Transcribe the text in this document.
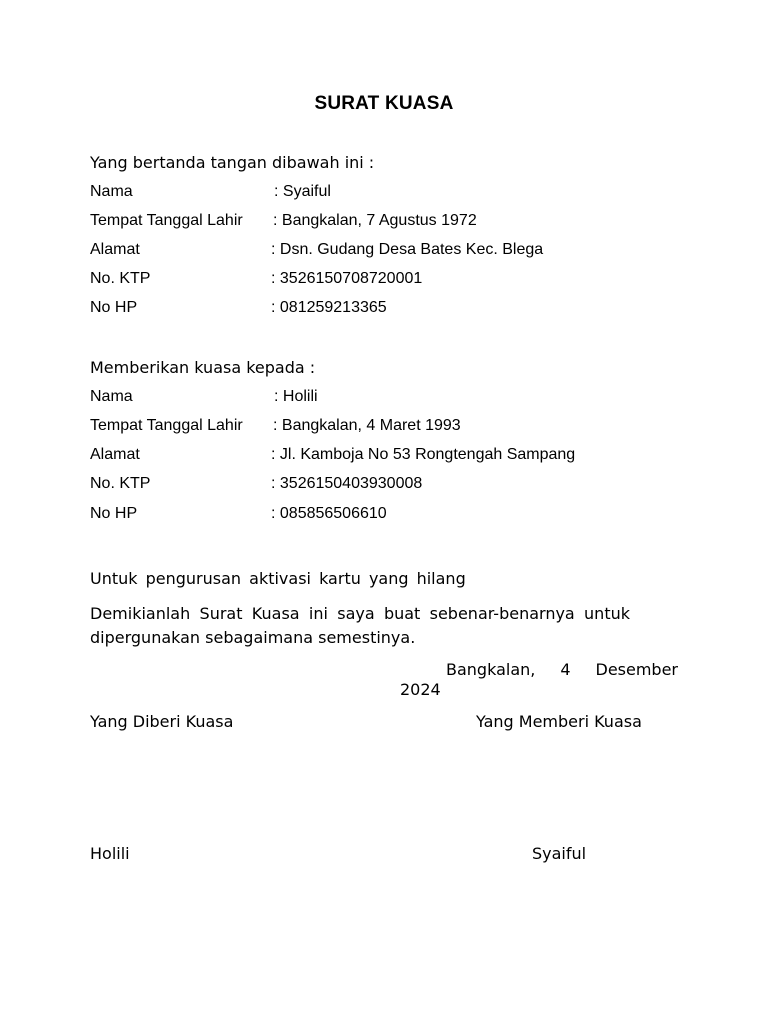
SURAT KUASA
Yang bertanda tangan dibawah ini :
Nama	: Syaiful
Tempat Tanggal Lahir : Bangkalan, 7 Agustus 1972
Alamat	: Dsn. Gudang Desa Bates Kec. Blega
No. KTP	: 3526150708720001
No HP	: 081259213365
Memberikan kuasa kepada :
Nama	: Holili
Tempat Tanggal Lahir : Bangkalan, 4 Maret 1993
Alamat	: Jl. Kamboja No 53 Rongtengah Sampang
No. KTP	: 3526150403930008
No HP	: 085856506610
Untuk pengurusan aktivasi kartu yang hilang
Demikianlah Surat Kuasa ini saya buat sebenar-benarnya untuk dipergunakan sebagaimana semestinya.
Bangkalan, 4 Desember 2024
Yang Diberi Kuasa	Yang Memberi Kuasa
Holili	Syaiful
